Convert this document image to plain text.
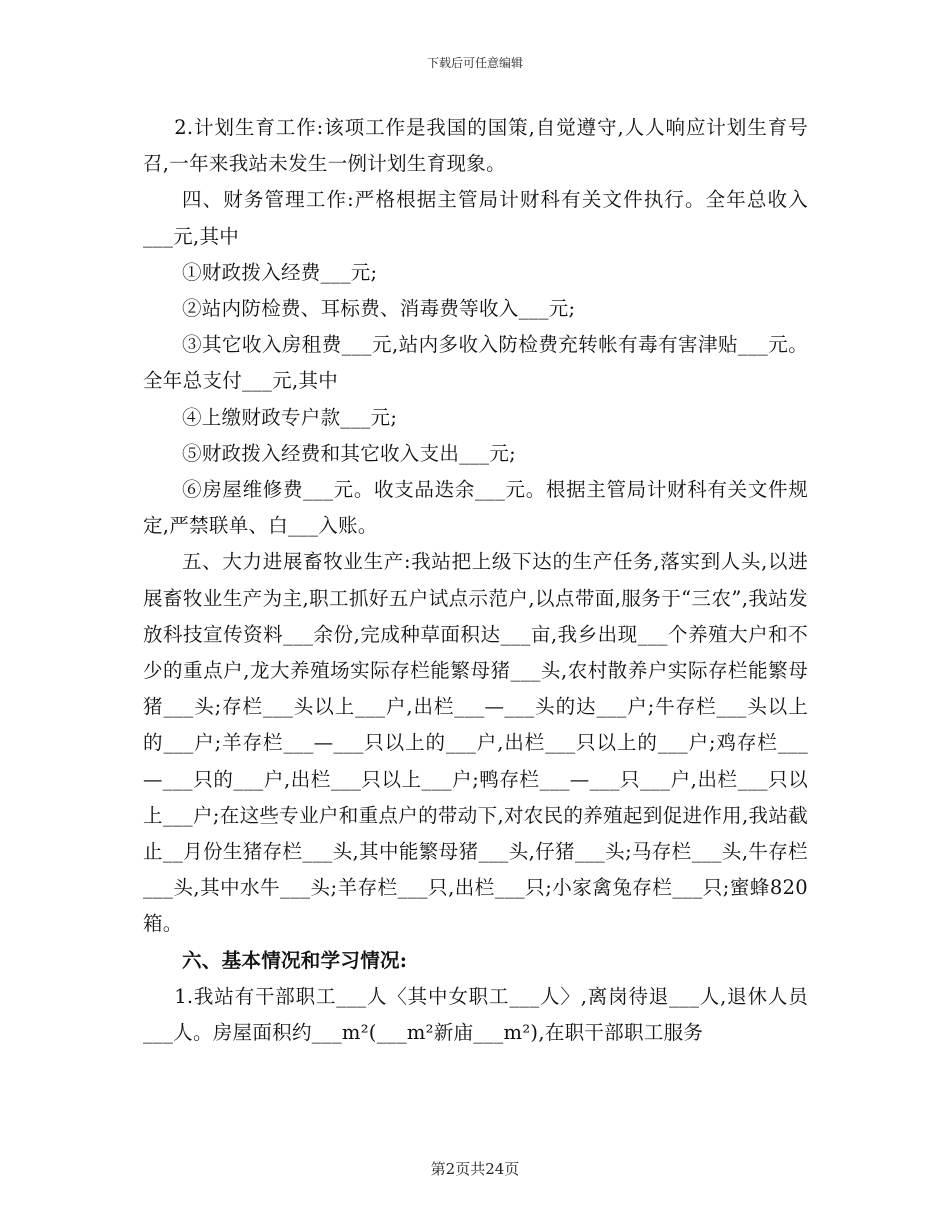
下载后可任意编辑

2.计划生育工作:该项工作是我国的国策,自觉遵守,人人响应计划生育号召,一年来我站未发生一例计划生育现象。

四、财务管理工作:严格根据主管局计财科有关文件执行。全年总收入___元,其中

①财政拨入经费___元;

②站内防检费、耳标费、消毒费等收入___元;

③其它收入房租费___元,站内多收入防检费充转帐有毒有害津贴___元。全年总支付___元,其中

④上缴财政专户款___元;

⑤财政拨入经费和其它收入支出___元;

⑥房屋维修费___元。收支品迭余___元。根据主管局计财科有关文件规定,严禁联单、白___入账。

五、大力进展畜牧业生产:我站把上级下达的生产任务,落实到人头,以进展畜牧业生产为主,职工抓好五户试点示范户,以点带面,服务于“三农”,我站发放科技宣传资料___余份,完成种草面积达___亩,我乡出现___个养殖大户和不少的重点户,龙大养殖场实际存栏能繁母猪___头,农村散养户实际存栏能繁母猪___头;存栏___头以上___户,出栏___—___头的达___户;牛存栏___头以上的___户;羊存栏___—___只以上的___户,出栏___只以上的___户;鸡存栏___—___只的___户,出栏___只以上___户;鸭存栏___—___只___户,出栏___只以上___户;在这些专业户和重点户的带动下,对农民的养殖起到促进作用,我站截止__月份生猪存栏___头,其中能繁母猪___头,仔猪___头;马存栏___头,牛存栏___头,其中水牛___头;羊存栏___只,出栏___只;小家禽兔存栏___只;蜜蜂820箱。

六、基本情况和学习情况:

1.我站有干部职工___人〈其中女职工___人〉,离岗待退___人,退休人员___人。房屋面积约___m²(___m²新庙___m²),在职干部职工服务

第2页共24页
